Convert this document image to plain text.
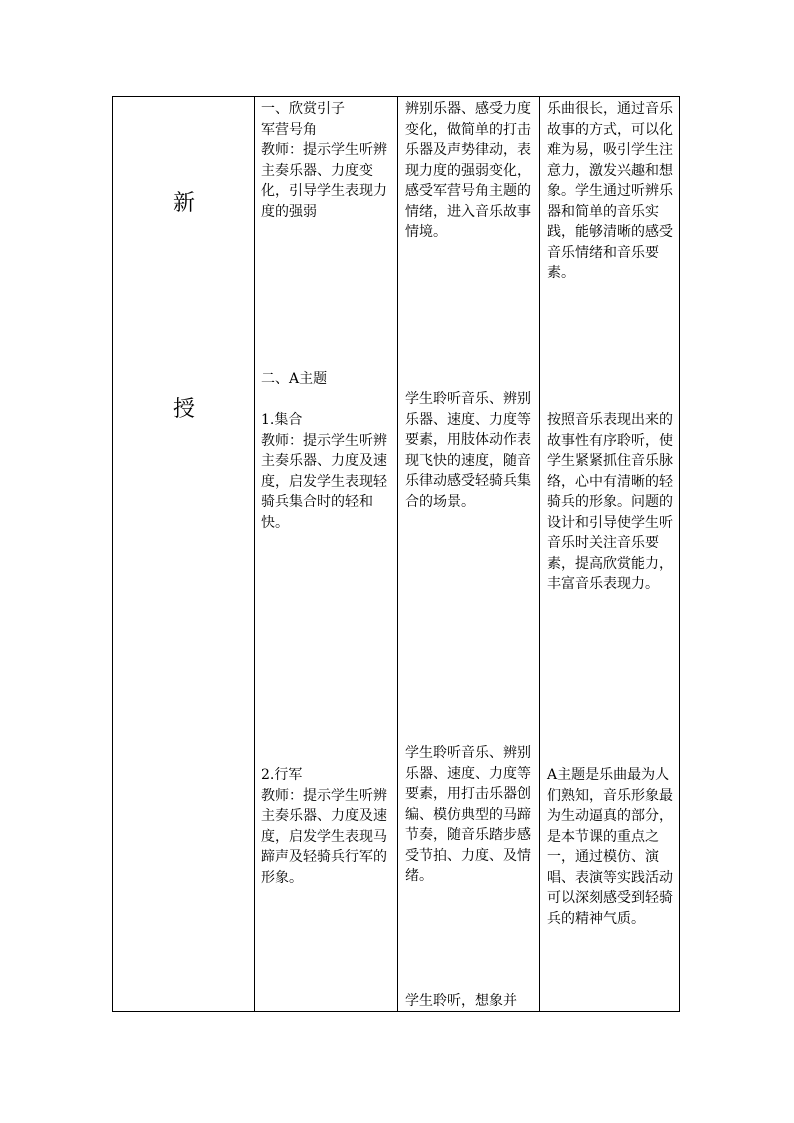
新
授
一、欣赏引子
军营号角
教师：提示学生听辨主奏乐器、力度变化，引导学生表现力度的强弱
辨别乐器、感受力度变化，做简单的打击乐器及声势律动，表现力度的强弱变化，感受军营号角主题的情绪，进入音乐故事情境。
乐曲很长，通过音乐故事的方式，可以化难为易，吸引学生注意力，激发兴趣和想象。学生通过听辨乐器和简单的音乐实践，能够清晰的感受音乐情绪和音乐要素。
二、A主题
1.集合
教师：提示学生听辨主奏乐器、力度及速度，启发学生表现轻骑兵集合时的轻和快。
学生聆听音乐、辨别乐器、速度、力度等要素，用肢体动作表现飞快的速度，随音乐律动感受轻骑兵集合的场景。
按照音乐表现出来的故事性有序聆听，使学生紧紧抓住音乐脉络，心中有清晰的轻骑兵的形象。问题的设计和引导使学生听音乐时关注音乐要素，提高欣赏能力，丰富音乐表现力。
2.行军
教师：提示学生听辨主奏乐器、力度及速度，启发学生表现马蹄声及轻骑兵行军的形象。
学生聆听音乐、辨别乐器、速度、力度等要素，用打击乐器创编、模仿典型的马蹄节奏，随音乐踏步感受节拍、力度、及情绪。
A主题是乐曲最为人们熟知，音乐形象最为生动逼真的部分，是本节课的重点之一，通过模仿、演唱、表演等实践活动可以深刻感受到轻骑兵的精神气质。
学生聆听，想象并
